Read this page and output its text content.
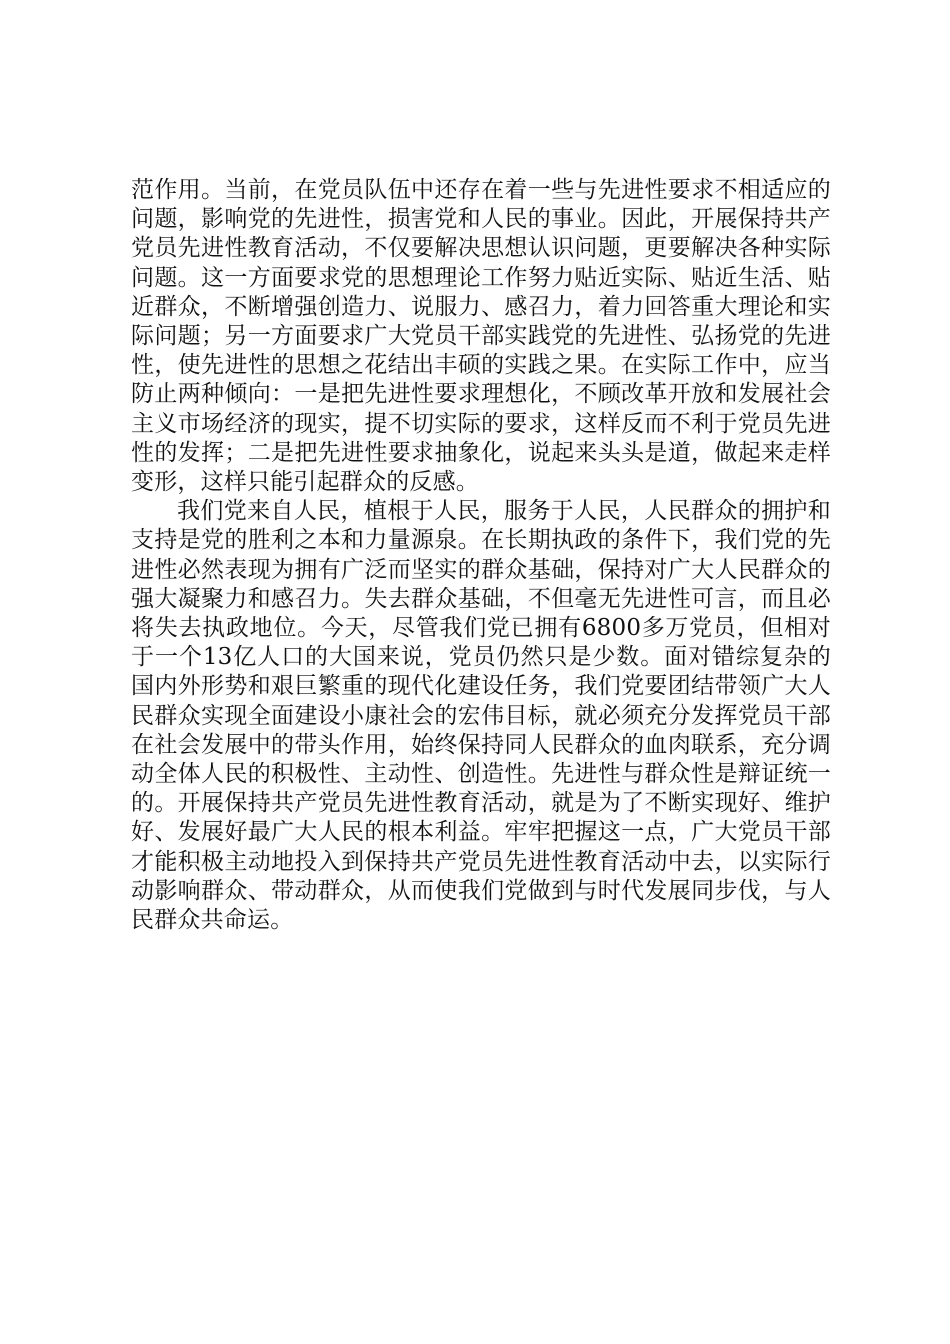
范作用。当前，在党员队伍中还存在着一些与先进性要求不相适应的问题，影响党的先进性，损害党和人民的事业。因此，开展保持共产党员先进性教育活动，不仅要解决思想认识问题，更要解决各种实际问题。这一方面要求党的思想理论工作努力贴近实际、贴近生活、贴近群众，不断增强创造力、说服力、感召力，着力回答重大理论和实际问题；另一方面要求广大党员干部实践党的先进性、弘扬党的先进性，使先进性的思想之花结出丰硕的实践之果。在实际工作中，应当防止两种倾向：一是把先进性要求理想化，不顾改革开放和发展社会主义市场经济的现实，提不切实际的要求，这样反而不利于党员先进性的发挥；二是把先进性要求抽象化，说起来头头是道，做起来走样变形，这样只能引起群众的反感。

我们党来自人民，植根于人民，服务于人民，人民群众的拥护和支持是党的胜利之本和力量源泉。在长期执政的条件下，我们党的先进性必然表现为拥有广泛而坚实的群众基础，保持对广大人民群众的强大凝聚力和感召力。失去群众基础，不但毫无先进性可言，而且必将失去执政地位。今天，尽管我们党已拥有6800多万党员，但相对于一个13亿人口的大国来说，党员仍然只是少数。面对错综复杂的国内外形势和艰巨繁重的现代化建设任务，我们党要团结带领广大人民群众实现全面建设小康社会的宏伟目标，就必须充分发挥党员干部在社会发展中的带头作用，始终保持同人民群众的血肉联系，充分调动全体人民的积极性、主动性、创造性。先进性与群众性是辩证统一的。开展保持共产党员先进性教育活动，就是为了不断实现好、维护好、发展好最广大人民的根本利益。牢牢把握这一点，广大党员干部才能积极主动地投入到保持共产党员先进性教育活动中去，以实际行动影响群众、带动群众，从而使我们党做到与时代发展同步伐，与人民群众共命运。
